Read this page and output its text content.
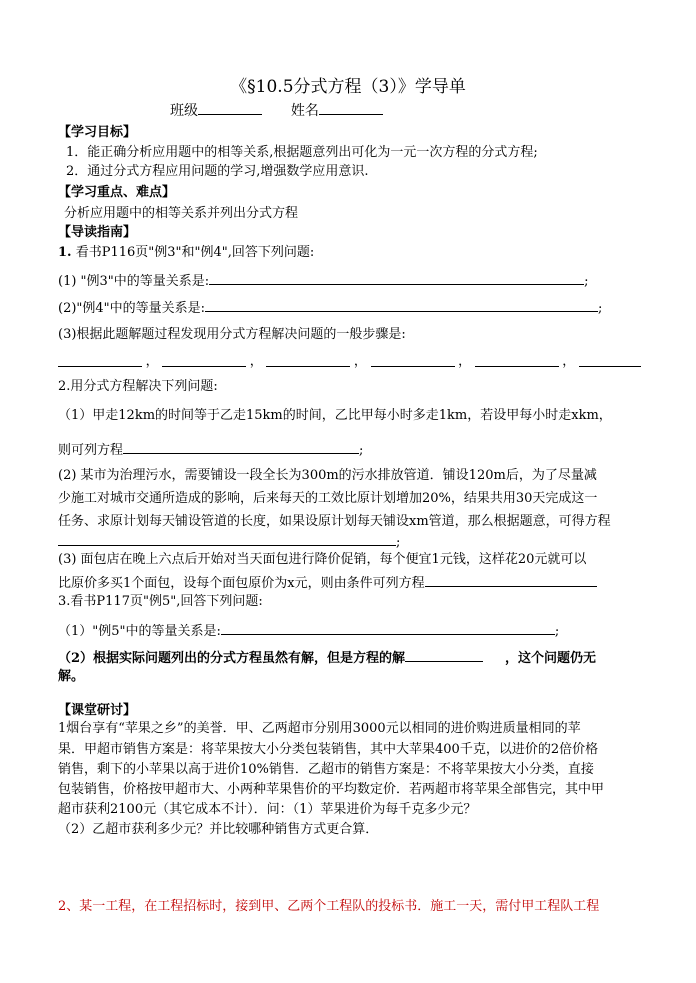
《§10.5分式方程（3）》学导单
班级	姓名
【学习目标】
1．能正确分析应用题中的相等关系,根据题意列出可化为一元一次方程的分式方程;
2．通过分式方程应用问题的学习,增强数学应用意识.
【学习重点、难点】
分析应用题中的相等关系并列出分式方程
【导读指南】
1. 看书P116页"例3"和"例4",回答下列问题:
(1) "例3"中的等量关系是:	;
(2)"例4"中的等量关系是:	;
(3)根据此题解题过程发现用分式方程解决问题的一般步骤是:
，	，	，	，	，
2.用分式方程解决下列问题:
（1）甲走12km的时间等于乙走15km的时间，乙比甲每小时多走1km，若设甲每小时走xkm，
则可列方程	;
(2) 某市为治理污水，需要铺设一段全长为300m的污水排放管道．铺设120m后，为了尽量减
少施工对城市交通所造成的影响，后来每天的工效比原计划增加20%，结果共用30天完成这一
任务、求原计划每天铺设管道的长度，如果设原计划每天铺设xm管道，那么根据题意，可得方程
;
(3) 面包店在晚上六点后开始对当天面包进行降价促销，每个便宜1元钱，这样花20元就可以
比原价多买1个面包，设每个面包原价为x元，则由条件可列方程
3.看书P117页"例5",回答下列问题:
（1）"例5"中的等量关系是:	;
（2）根据实际问题列出的分式方程虽然有解，但是方程的解	，这个问题仍无
解。
【课堂研讨】
1烟台享有“苹果之乡”的美誉．甲、乙两超市分别用3000元以相同的进价购进质量相同的苹
果．甲超市销售方案是：将苹果按大小分类包装销售，其中大苹果400千克，以进价的2倍价格
销售，剩下的小苹果以高于进价10%销售．乙超市的销售方案是：不将苹果按大小分类，直接
包装销售，价格按甲超市大、小两种苹果售价的平均数定价．若两超市将苹果全部售完，其中甲
超市获利2100元（其它成本不计）．问：（1）苹果进价为每千克多少元？
（2）乙超市获利多少元？并比较哪种销售方式更合算．
2、某一工程，在工程招标时，接到甲、乙两个工程队的投标书．施工一天，需付甲工程队工程
